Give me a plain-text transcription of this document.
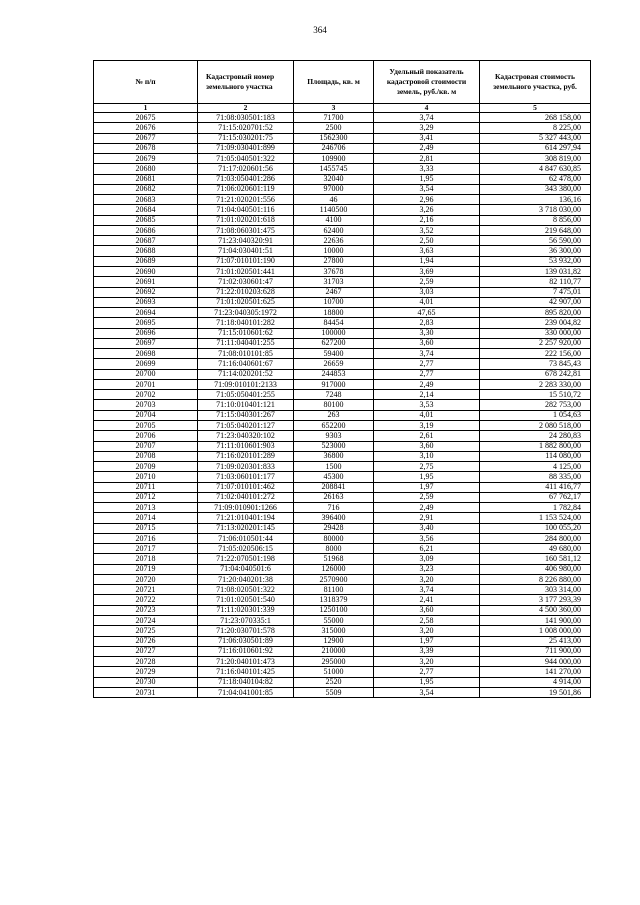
364
№ п/п	Кадастровый номер земельного участка	Площадь, кв. м	Удельный показатель кадастровой стоимости земель, руб./кв. м	Кадастровая стоимость земельного участка, руб.
1	2	3	4	5
20675	71:08:030501:183	71700	3,74	268 158,00
20676	71:15:020701:52	2500	3,29	8 225,00
20677	71:15:030201:75	1562300	3,41	5 327 443,00
20678	71:09:030401:899	246706	2,49	614 297,94
20679	71:05:040501:322	109900	2,81	308 819,00
20680	71:17:020601:56	1455745	3,33	4 847 630,85
20681	71:03:050401:286	32040	1,95	62 478,00
20682	71:06:020601:119	97000	3,54	343 380,00
20683	71:21:020201:556	46	2,96	136,16
20684	71:04:040501:116	1140500	3,26	3 718 030,00
20685	71:01:020201:618	4100	2,16	8 856,00
20686	71:08:060301:475	62400	3,52	219 648,00
20687	71:23:040320:91	22636	2,50	56 590,00
20688	71:04:030401:51	10000	3,63	36 300,00
20689	71:07:010101:190	27800	1,94	53 932,00
20690	71:01:020501:441	37678	3,69	139 031,82
20691	71:02:030601:47	31703	2,59	82 110,77
20692	71:22:010203:628	2467	3,03	7 475,01
20693	71:01:020501:625	10700	4,01	42 907,00
20694	71:23:040305:1972	18800	47,65	895 820,00
20695	71:18:040101:282	84454	2,83	239 004,82
20696	71:15:010601:62	100000	3,30	330 000,00
20697	71:11:040401:255	627200	3,60	2 257 920,00
20698	71:08:010101:85	59400	3,74	222 156,00
20699	71:16:040601:67	26659	2,77	73 845,43
20700	71:14:020201:52	244853	2,77	678 242,81
20701	71:09:010101:2133	917000	2,49	2 283 330,00
20702	71:05:050401:255	7248	2,14	15 510,72
20703	71:10:010401:121	80100	3,53	282 753,00
20704	71:15:040301:267	263	4,01	1 054,63
20705	71:05:040201:127	652200	3,19	2 080 518,00
20706	71:23:040320:102	9303	2,61	24 280,83
20707	71:11:010601:903	523000	3,60	1 882 800,00
20708	71:16:020101:289	36800	3,10	114 080,00
20709	71:09:020301:833	1500	2,75	4 125,00
20710	71:03:060101:177	45300	1,95	88 335,00
20711	71:07:010101:462	208841	1,97	411 416,77
20712	71:02:040101:272	26163	2,59	67 762,17
20713	71:09:010901:1266	716	2,49	1 782,84
20714	71:21:010401:194	396400	2,91	1 153 524,00
20715	71:13:020201:145	29428	3,40	100 055,20
20716	71:06:010501:44	80000	3,56	284 800,00
20717	71:05:020506:15	8000	6,21	49 680,00
20718	71:22:070501:198	51968	3,09	160 581,12
20719	71:04:040501:6	126000	3,23	406 980,00
20720	71:20:040201:38	2570900	3,20	8 226 880,00
20721	71:08:020501:322	81100	3,74	303 314,00
20722	71:01:020501:540	1318379	2,41	3 177 293,39
20723	71:11:020301:339	1250100	3,60	4 500 360,00
20724	71:23:070335:1	55000	2,58	141 900,00
20725	71:20:030701:578	315000	3,20	1 008 000,00
20726	71:06:030501:89	12900	1,97	25 413,00
20727	71:16:010601:92	210000	3,39	711 900,00
20728	71:20:040101:473	295000	3,20	944 000,00
20729	71:16:040101:425	51000	2,77	141 270,00
20730	71:18:040104:82	2520	1,95	4 914,00
20731	71:04:041001:85	5509	3,54	19 501,86
